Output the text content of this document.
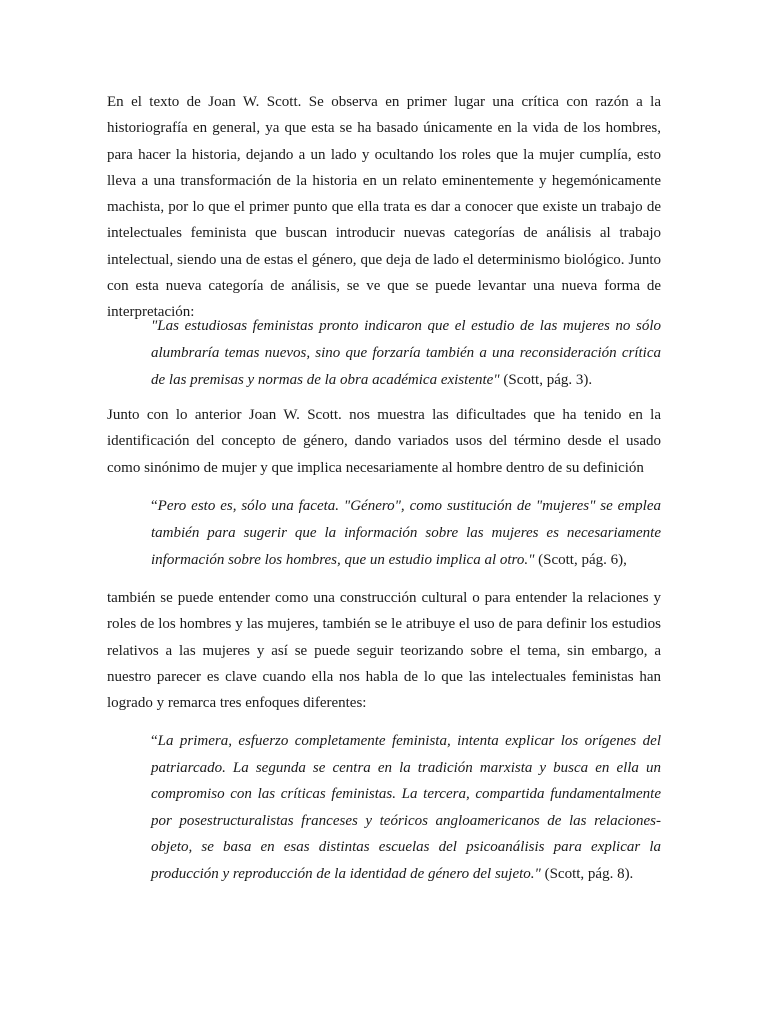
En el texto de Joan W. Scott. Se observa en primer lugar una crítica con razón a la historiografía en general, ya que esta se ha basado únicamente en la vida de los hombres, para hacer la historia, dejando a un lado y ocultando los roles que la mujer cumplía, esto lleva a una transformación de la historia en un relato eminentemente y hegemónicamente machista, por lo que el primer punto que ella trata es dar a conocer que existe un trabajo de intelectuales feminista que buscan introducir nuevas categorías de análisis al trabajo intelectual, siendo una de estas el género, que deja de lado el determinismo biológico. Junto con esta nueva categoría de análisis, se ve que se puede levantar una nueva forma de interpretación:

"Las estudiosas feministas pronto indicaron que el estudio de las mujeres no sólo alumbraría temas nuevos, sino que forzaría también a una reconsideración crítica de las premisas y normas de la obra académica existente" (Scott, pág. 3).

Junto con lo anterior Joan W. Scott. nos muestra las dificultades que ha tenido en la identificación del concepto de género, dando variados usos del término desde el usado como sinónimo de mujer y que implica necesariamente al hombre dentro de su definición

“Pero esto es, sólo una faceta. "Género", como sustitución de "mujeres" se emplea también para sugerir que la información sobre las mujeres es necesariamente información sobre los hombres, que un estudio implica al otro." (Scott, pág. 6),

también se puede entender como una construcción cultural o para entender la relaciones y roles de los hombres y las mujeres, también se le atribuye el uso de para definir los estudios relativos a las mujeres y así se puede seguir teorizando sobre el tema, sin embargo, a nuestro parecer es clave cuando ella nos habla de lo que las intelectuales feministas han logrado y remarca tres enfoques diferentes:

“La primera, esfuerzo completamente feminista, intenta explicar los orígenes del patriarcado. La segunda se centra en la tradición marxista y busca en ella un compromiso con las críticas feministas. La tercera, compartida fundamentalmente por posestructuralistas franceses y teóricos angloamericanos de las relaciones-objeto, se basa en esas distintas escuelas del psicoanálisis para explicar la producción y reproducción de la identidad de género del sujeto." (Scott, pág. 8).
